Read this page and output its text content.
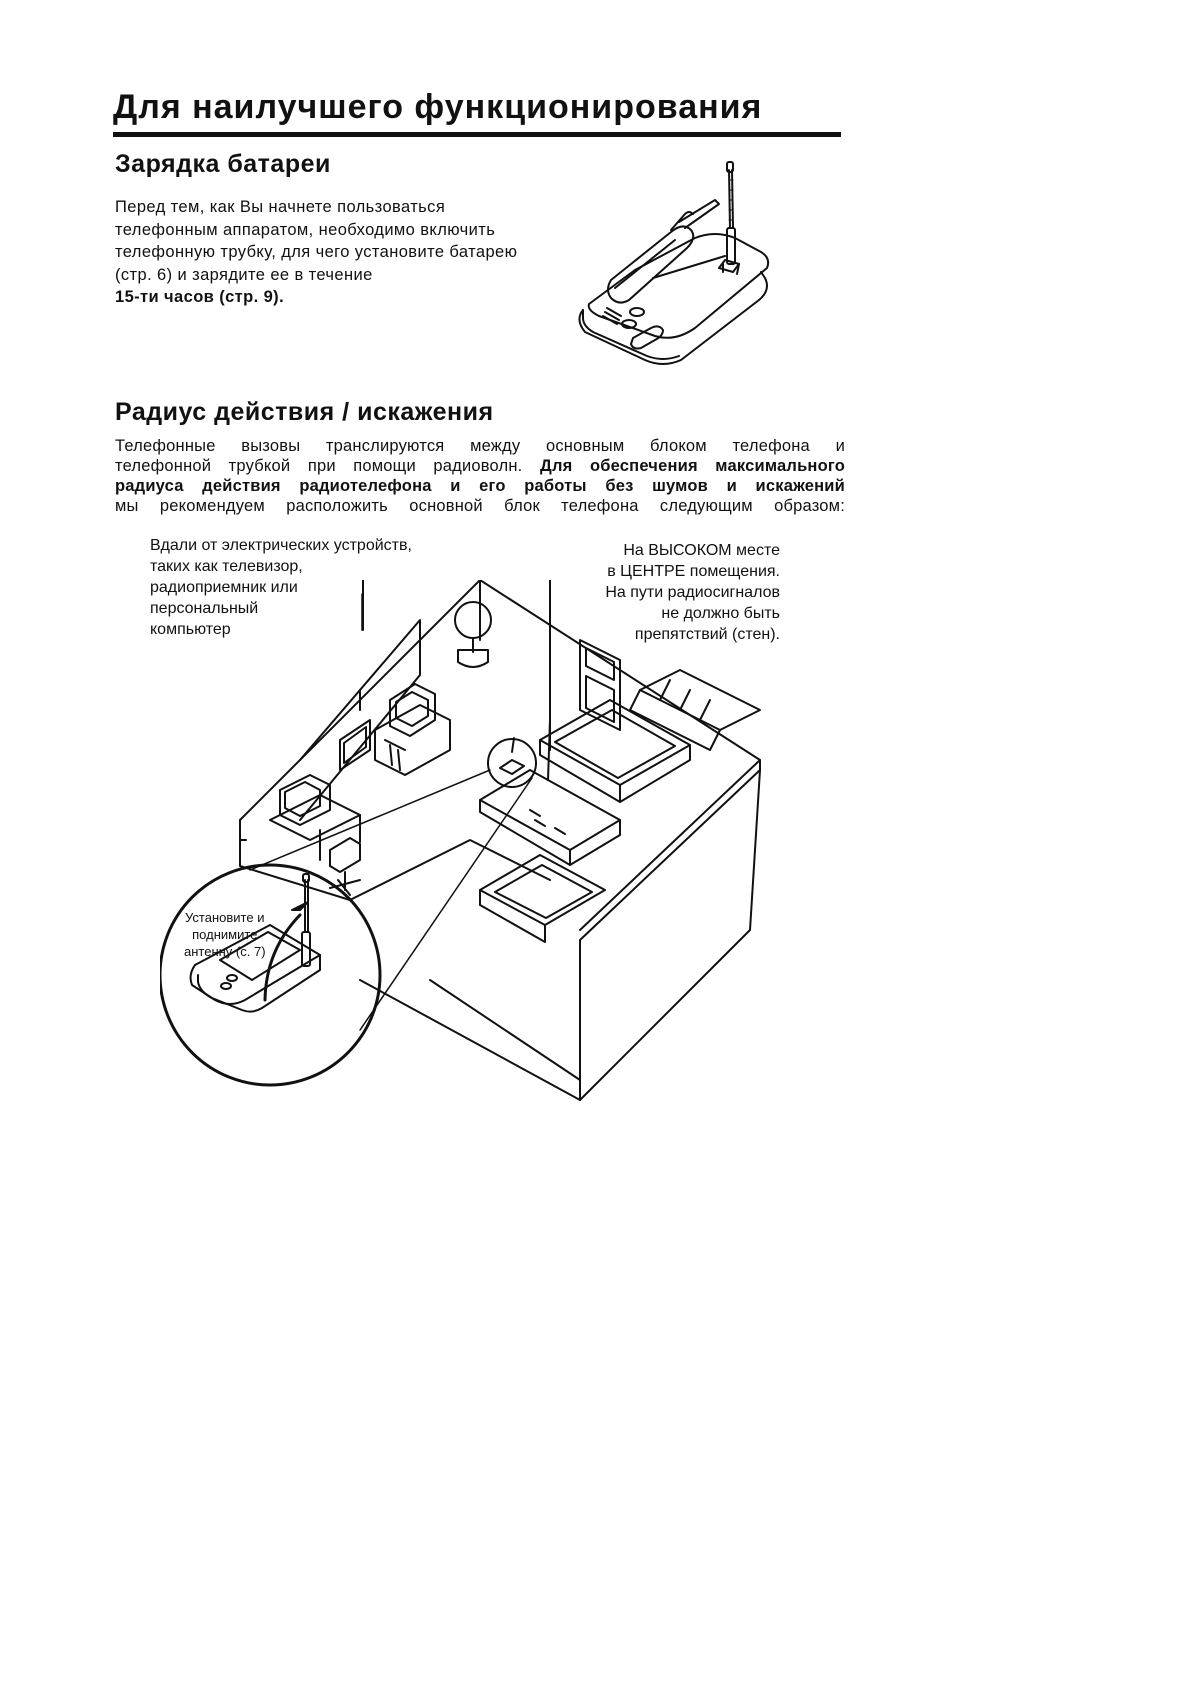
Для наилучшего функционирования
Зарядка батареи
Перед тем, как Вы начнете пользоваться
телефонным аппаратом, необходимо включить
телефонную трубку, для чего установите батарею
(стр. 6) и зарядите ее в течение
15-ти часов (стр. 9).
Радиус действия / искажения
Телефонные вызовы транслируются между основным блоком телефона и
телефонной трубкой при помощи радиоволн. Для обеспечения максимального
радиуса действия радиотелефона и его работы без шумов и искажений
мы рекомендуем расположить основной блок телефона следующим образом:
Вдали от электрических устройств,
таких как телевизор,
радиоприемник или
персональный
компьютер
На ВЫСОКОМ месте
в ЦЕНТРЕ помещения.
На пути радиосигналов
не должно быть
препятствий (стен).
Установите и
поднимите
антенну (с. 7)
